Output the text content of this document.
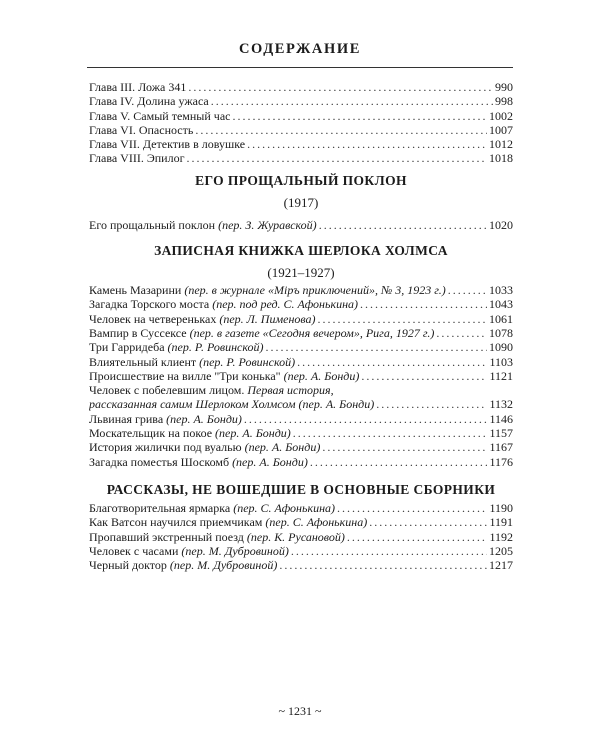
СОДЕРЖАНИЕ
Глава III. Ложа 341 . . .	990
Глава IV. Долина ужаса . . .	998
Глава V. Самый темный час . . .	1002
Глава VI. Опасность . . .	1007
Глава VII. Детектив в ловушке . . .	1012
Глава VIII. Эпилог . . .	1018
ЕГО ПРОЩАЛЬНЫЙ ПОКЛОН
(1917)
Его прощальный поклон (пер. З. Журавской) . . .	1020
ЗАПИСНАЯ КНИЖКА ШЕРЛОКА ХОЛМСА
(1921–1927)
Камень Мазарини (пер. в журнале «Мiръ приключений», № 3, 1923 г.) . . .	1033
Загадка Торского моста (пер. под ред. С. Афонькина) . . .	1043
Человек на четвереньках (пер. Л. Пименова) . . .	1061
Вампир в Суссексе (пер. в газете «Сегодня вечером», Рига, 1927 г.) . . .	1078
Три Гарридеба (пер. Р. Ровинской) . . .	1090
Влиятельный клиент (пер. Р. Ровинской) . . .	1103
Происшествие на вилле "Три конька" (пер. А. Бонди) . . .	1121
Человек с побелевшим лицом. Первая история,
рассказанная самим Шерлоком Холмсом (пер. А. Бонди) . . .	1132
Львиная грива (пер. А. Бонди) . . .	1146
Москательщик на покое (пер. А. Бонди) . . .	1157
История жилички под вуалью (пер. А. Бонди) . . .	1167
Загадка поместья Шоскомб (пер. А. Бонди) . . .	1176
РАССКАЗЫ, НЕ ВОШЕДШИЕ В ОСНОВНЫЕ СБОРНИКИ
Благотворительная ярмарка (пер. С. Афонькина) . . .	1190
Как Ватсон научился приемчикам (пер. С. Афонькина) . . .	1191
Пропавший экстренный поезд (пер. К. Русановой) . . .	1192
Человек с часами (пер. М. Дубровиной) . . .	1205
Черный доктор (пер. М. Дубровиной) . . .	1217
~ 1231 ~
